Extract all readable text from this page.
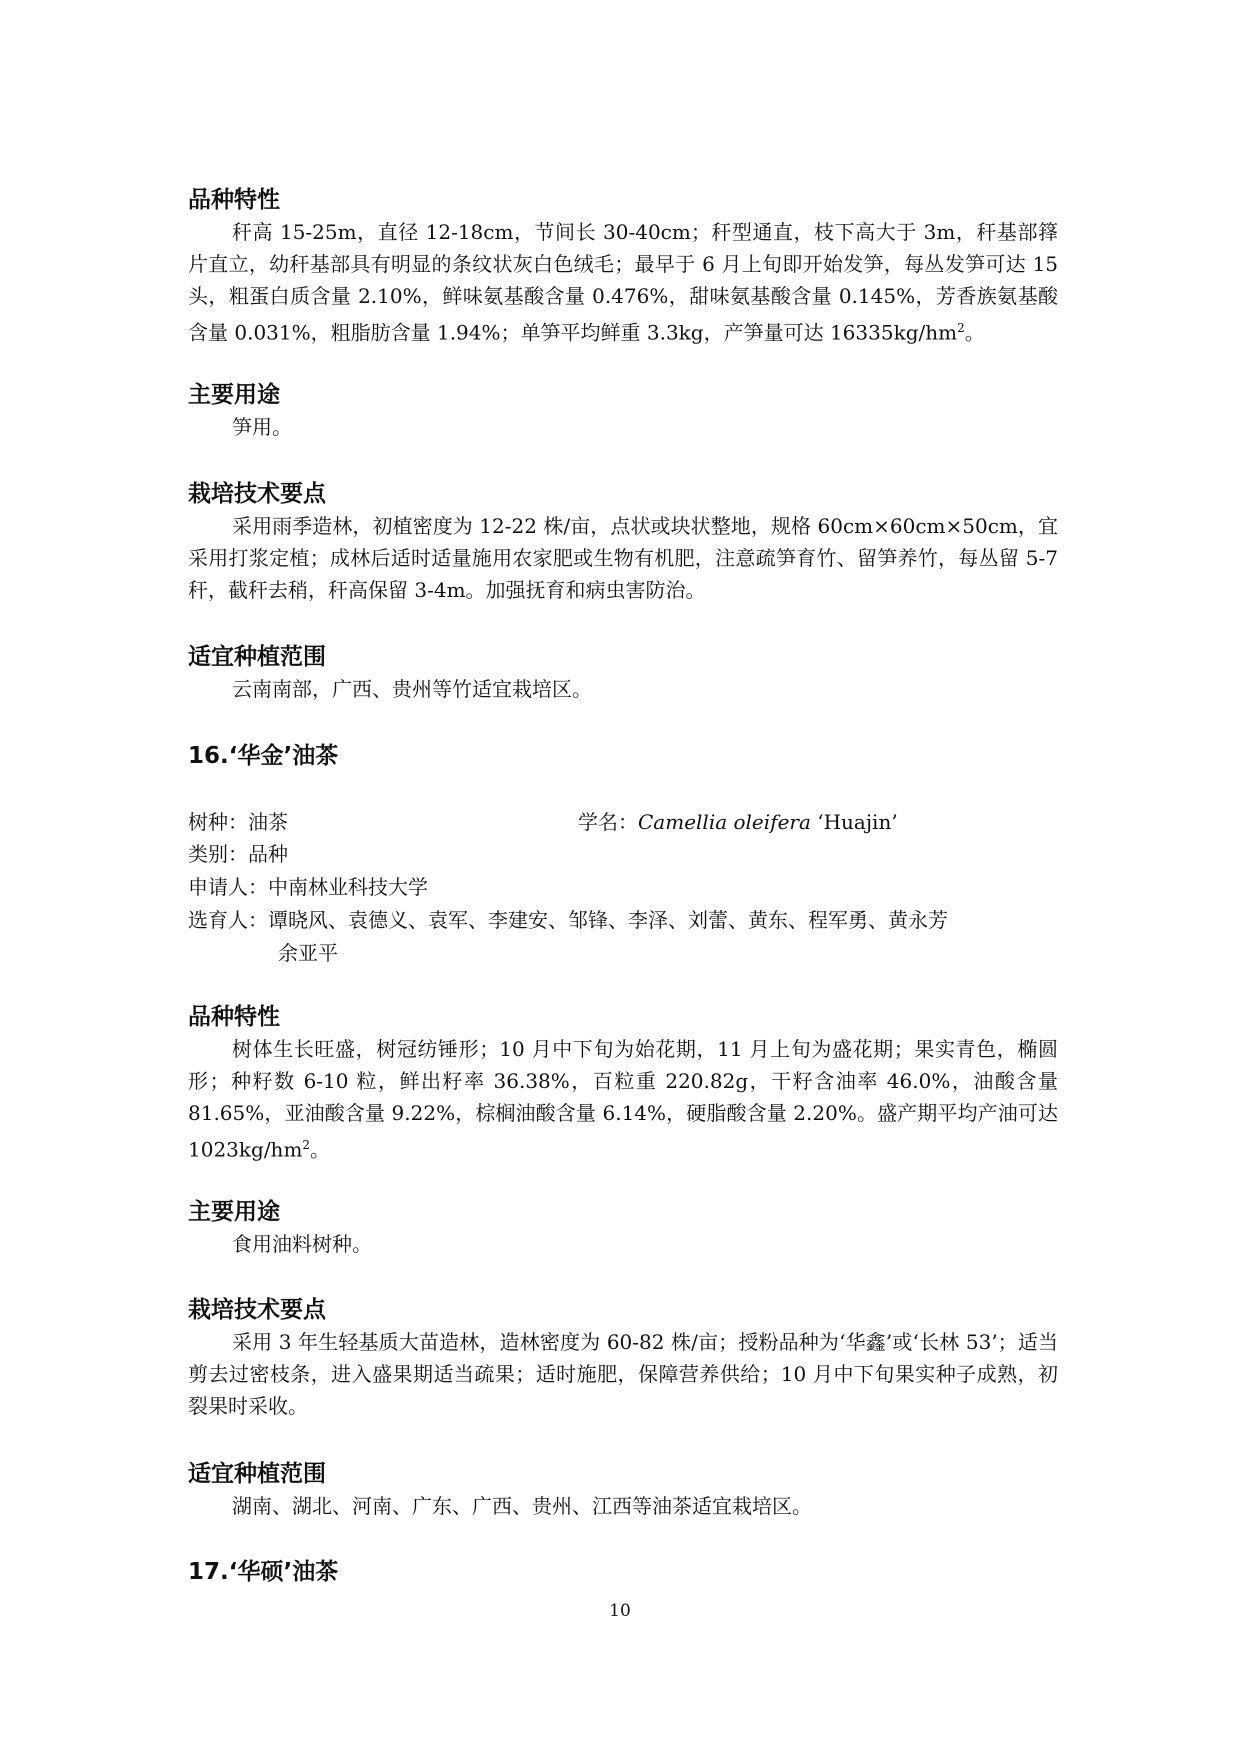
品种特性

秆高 15-25m，直径 12-18cm，节间长 30-40cm；秆型通直，枝下高大于 3m，秆基部箨片直立，幼秆基部具有明显的条纹状灰白色绒毛；最早于 6 月上旬即开始发笋，每丛发笋可达 15 头，粗蛋白质含量 2.10%，鲜味氨基酸含量 0.476%，甜味氨基酸含量 0.145%，芳香族氨基酸含量 0.031%，粗脂肪含量 1.94%；单笋平均鲜重 3.3kg，产笋量可达 $16335kg/hm^2$。

主要用途

笋用。

栽培技术要点

采用雨季造林，初植密度为 12-22 株/亩，点状或块状整地，规格 60cm×60cm×50cm，宜采用打浆定植；成林后适时适量施用农家肥或生物有机肥，注意疏笋育竹、留笋养竹，每丛留 5-7 秆，截秆去稍，秆高保留 3-4m。加强抚育和病虫害防治。

适宜种植范围

云南南部，广西、贵州等竹适宜栽培区。

16.‘华金’油茶
树种：油茶	学名：Camellia oleifera ‘Huajin’
类别：品种
申请人：中南林业科技大学
选育人：谭晓风、袁德义、袁军、李建安、邹锋、李泽、刘蕾、黄东、程军勇、黄永芳
余亚平
品种特性

树体生长旺盛，树冠纺锤形；10 月中下旬为始花期，11 月上旬为盛花期；果实青色，椭圆形；种籽数 6-10 粒，鲜出籽率 36.38%，百粒重 220.82g，干籽含油率 46.0%，油酸含量 81.65%，亚油酸含量 9.22%，棕榈油酸含量 6.14%，硬脂酸含量 2.20%。盛产期平均产油可达 $1023kg/hm^2$。

主要用途

食用油料树种。

栽培技术要点

采用 3 年生轻基质大苗造林，造林密度为 60-82 株/亩；授粉品种为‘华鑫’或‘长林 53’；适当剪去过密枝条，进入盛果期适当疏果；适时施肥，保障营养供给；10 月中下旬果实种子成熟，初裂果时采收。

适宜种植范围

湖南、湖北、河南、广东、广西、贵州、江西等油茶适宜栽培区。

17.‘华硕’油茶
10
